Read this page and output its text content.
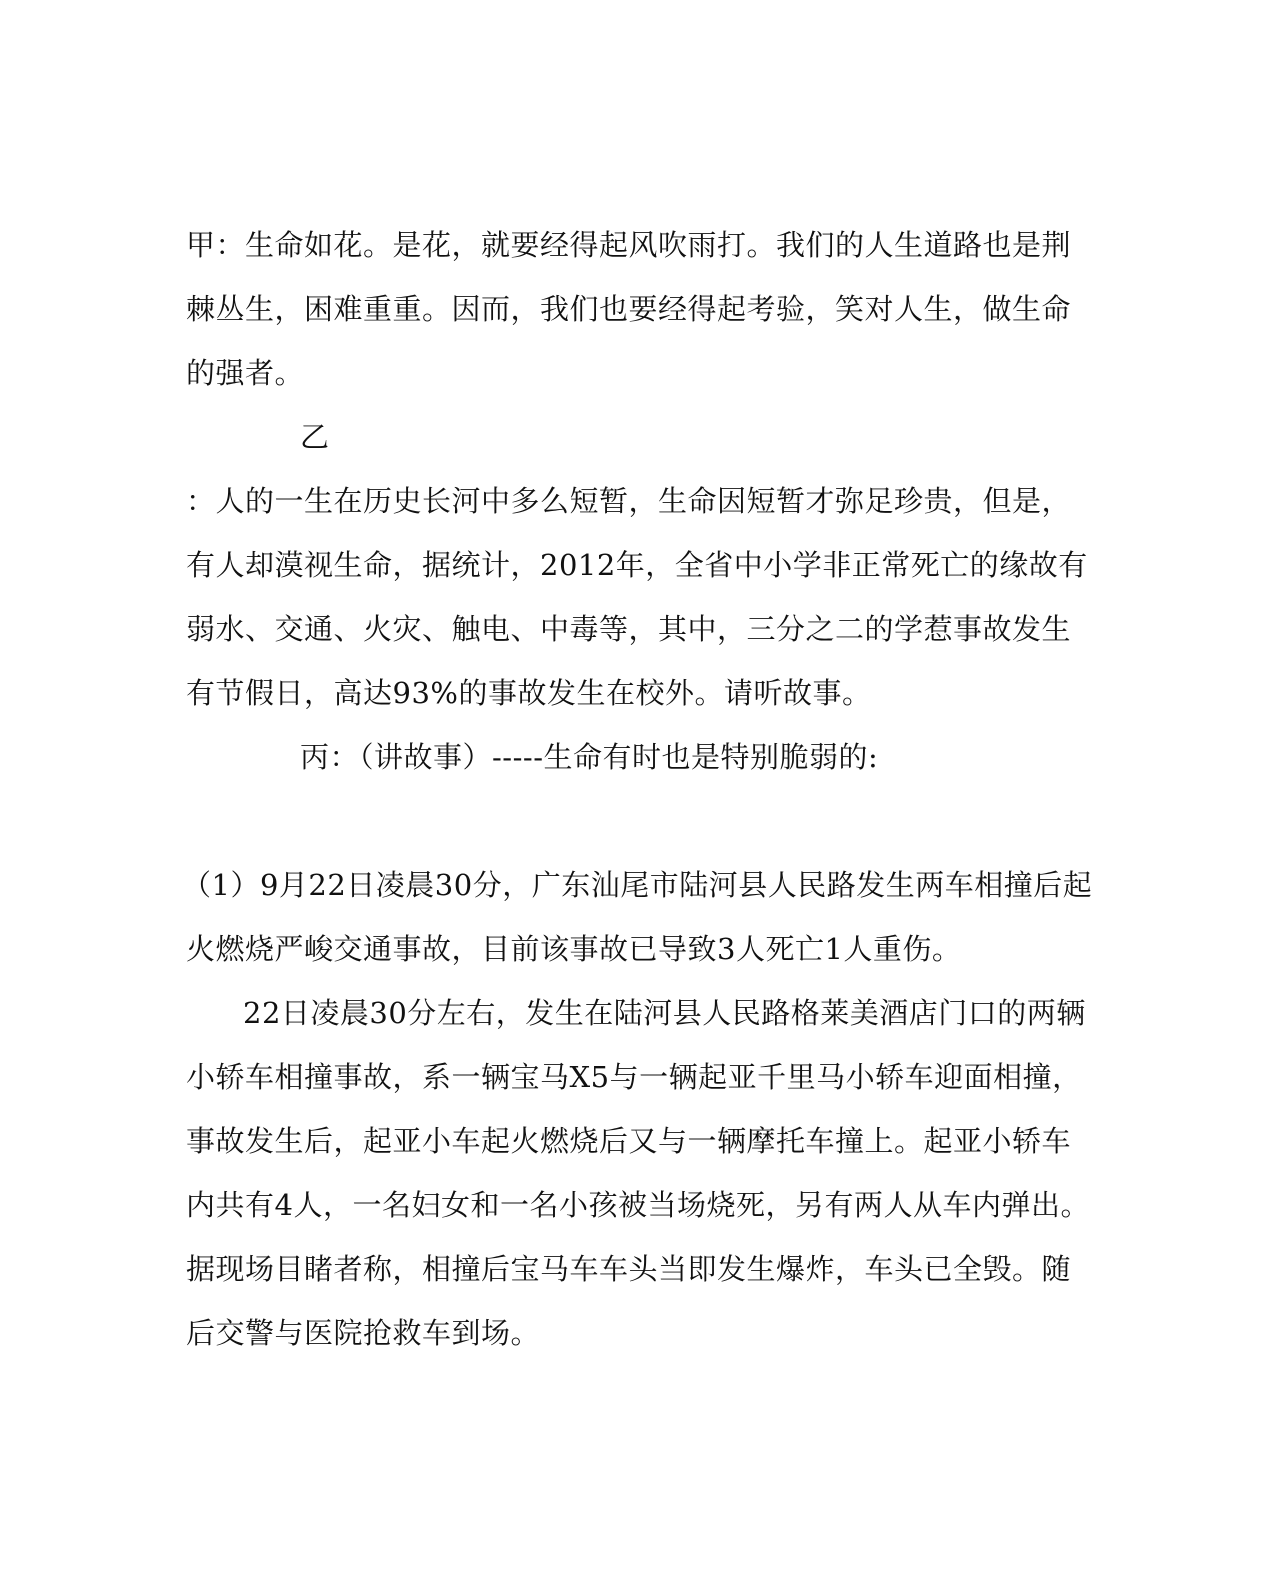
甲：生命如花。是花，就要经得起风吹雨打。我们的人生道路也是荆
棘丛生，困难重重。因而，我们也要经得起考验，笑对人生，做生命
的强者。
乙
：人的一生在历史长河中多么短暂，生命因短暂才弥足珍贵，但是，
有人却漠视生命，据统计，2012年，全省中小学非正常死亡的缘故有
弱水、交通、火灾、触电、中毒等，其中，三分之二的学惹事故发生
有节假日，高达93%的事故发生在校外。请听故事。
丙：（讲故事）-----生命有时也是特别脆弱的:
（1）9月22日凌晨30分，广东汕尾市陆河县人民路发生两车相撞后起
火燃烧严峻交通事故，目前该事故已导致3人死亡1人重伤。
22日凌晨30分左右，发生在陆河县人民路格莱美酒店门口的两辆
小轿车相撞事故，系一辆宝马X5与一辆起亚千里马小轿车迎面相撞，
事故发生后，起亚小车起火燃烧后又与一辆摩托车撞上。起亚小轿车
内共有4人，一名妇女和一名小孩被当场烧死，另有两人从车内弹出。
据现场目睹者称，相撞后宝马车车头当即发生爆炸，车头已全毁。随
后交警与医院抢救车到场。
